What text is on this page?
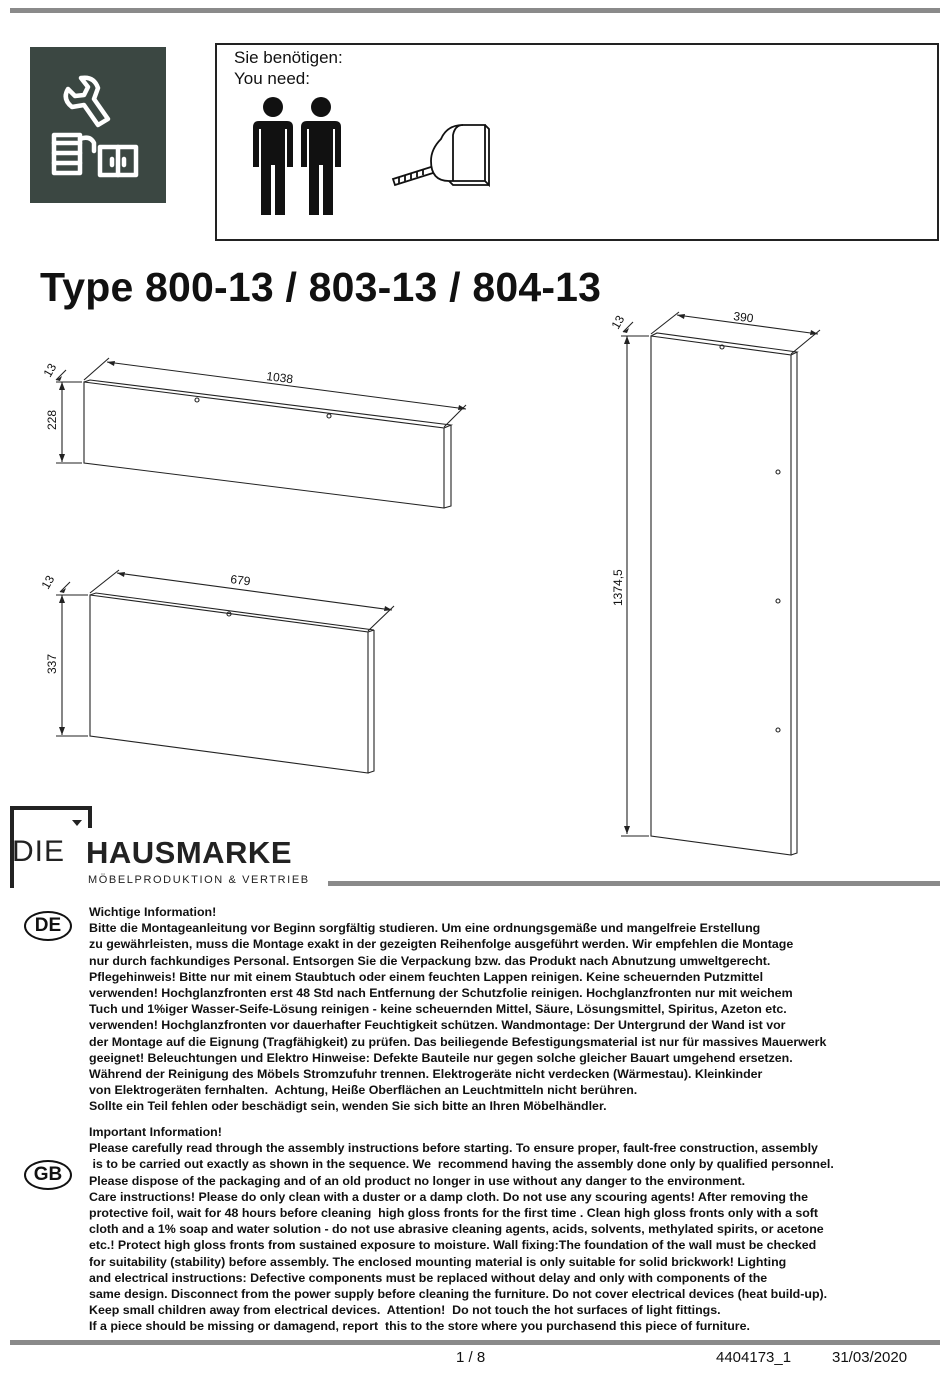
Sie benötigen:
You need:
Type 800-13 / 803-13 / 804-13
1038
228
13
679
337
13
390
1374,5
13
DIE HAUSMARKE
MÖBELPRODUKTION & VERTRIEB
DE

Wichtige Information!

Bitte die Montageanleitung vor Beginn sorgfältig studieren. Um eine ordnungsgemäße und mangelfreie Erstellung

zu gewährleisten, muss die Montage exakt in der gezeigten Reihenfolge ausgeführt werden. Wir empfehlen die Montage

nur durch fachkundiges Personal. Entsorgen Sie die Verpackung bzw. das Produkt nach Abnutzung umweltgerecht.

Pflegehinweis! Bitte nur mit einem Staubtuch oder einem feuchten Lappen reinigen. Keine scheuernden Putzmittel

verwenden! Hochglanzfronten erst 48 Std nach Entfernung der Schutzfolie reinigen. Hochglanzfronten nur mit weichem

Tuch und 1%iger Wasser-Seife-Lösung reinigen - keine scheuernden Mittel, Säure, Lösungsmittel, Spiritus, Azeton etc.

verwenden! Hochglanzfronten vor dauerhafter Feuchtigkeit schützen. Wandmontage: Der Untergrund der Wand ist vor

der Montage auf die Eignung (Tragfähigkeit) zu prüfen. Das beiliegende Befestigungsmaterial ist nur für massives Mauerwerk

geeignet! Beleuchtungen und Elektro Hinweise: Defekte Bauteile nur gegen solche gleicher Bauart umgehend ersetzen.

Während der Reinigung des Möbels Stromzufuhr trennen. Elektrogeräte nicht verdecken (Wärmestau). Kleinkinder

von Elektrogeräten fernhalten.  Achtung, Heiße Oberflächen an Leuchtmitteln nicht berühren.

Sollte ein Teil fehlen oder beschädigt sein, wenden Sie sich bitte an Ihren Möbelhändler.

GB

Important Information!

Please carefully read through the assembly instructions before starting. To ensure proper, fault-free construction, assembly

is to be carried out exactly as shown in the sequence. We  recommend having the assembly done only by qualified personnel.

Please dispose of the packaging and of an old product no longer in use without any danger to the environment.

Care instructions! Please do only clean with a duster or a damp cloth. Do not use any scouring agents! After removing the

protective foil, wait for 48 hours before cleaning  high gloss fronts for the first time . Clean high gloss fronts only with a soft

cloth and a 1% soap and water solution - do not use abrasive cleaning agents, acids, solvents, methylated spirits, or acetone

etc.! Protect high gloss fronts from sustained exposure to moisture. Wall fixing:The foundation of the wall must be checked

for suitability (stability) before assembly. The enclosed mounting material is only suitable for solid brickwork! Lighting

and electrical instructions: Defective components must be replaced without delay and only with components of the

same design. Disconnect from the power supply before cleaning the furniture. Do not cover electrical devices (heat build-up).

Keep small children away from electrical devices.  Attention!  Do not touch the hot surfaces of light fittings.

If a piece should be missing or damagend, report  this to the store where you purchasend this piece of furniture.

1 / 8	4404173_1	31/03/2020
